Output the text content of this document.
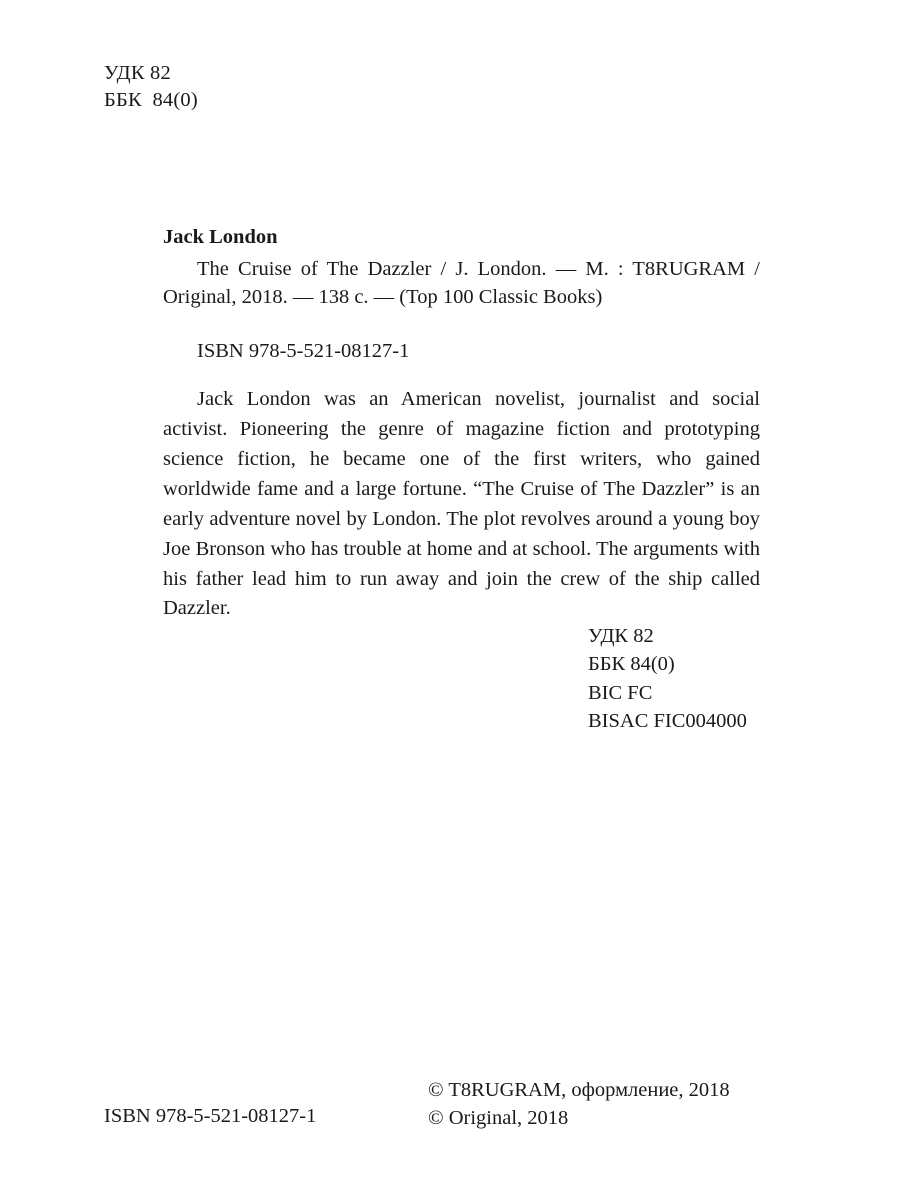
УДК 82
ББК  84(0)

Jack London

The Cruise of The Dazzler / J. London. — M. : T8RUGRAM / Original, 2018. — 138 c. — (Top 100 Classic Books)

ISBN 978-5-521-08127-1

Jack London was an American novelist, journalist and social activist. Pioneering the genre of magazine fiction and prototyping science fiction, he became one of the first writers, who gained worldwide fame and a large fortune. “The Cruise of The Dazzler” is an early adventure novel by London. The plot revolves around a young boy Joe Bronson who has trouble at home and at school. The arguments with his father lead him to run away and join the crew of the ship called Dazzler.

УДК 82
ББК 84(0)
BIC FC
BISAC FIC004000
© T8RUGRAM, оформление, 2018
© Original, 2018
ISBN 978-5-521-08127-1
